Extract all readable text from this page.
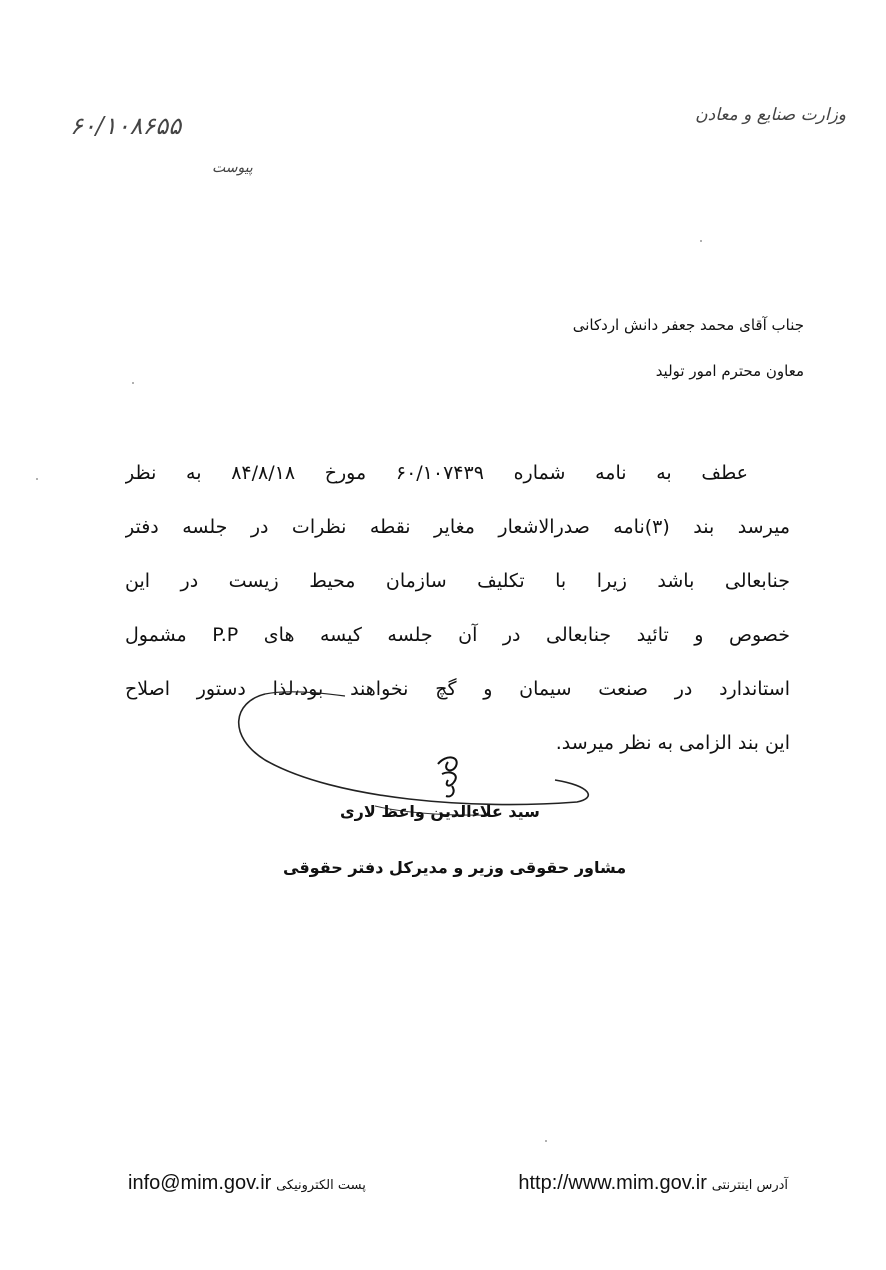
وزارت صنایع و معادن
۶۰/۱۰۸۶۵۵
پیوست
جناب آقای محمد جعفر دانش اردکانی
معاون محترم امور تولید
عطف به نامه شماره ۶۰/۱۰۷۴۳۹ مورخ ۸۴/۸/۱۸ به نظر
میرسد بند (۳)نامه صدرالاشعار مغایر نقطه نظرات در جلسه دفتر
جنابعالی باشد زیرا با تکلیف سازمان محیط زیست در این
خصوص و تائید جنابعالی در آن جلسه کیسه های P.P مشمول
استاندارد در صنعت سیمان و گچ نخواهند بود،لذا دستور اصلاح
این بند الزامی به نظر میرسد.
سید علاءالدین واعظ لاری
مشاور حقوقی وزیر و مدیرکل دفتر حقوقی
آدرس اینترنتی http://www.mim.gov.ir
پست الکترونیکی info@mim.gov.ir
